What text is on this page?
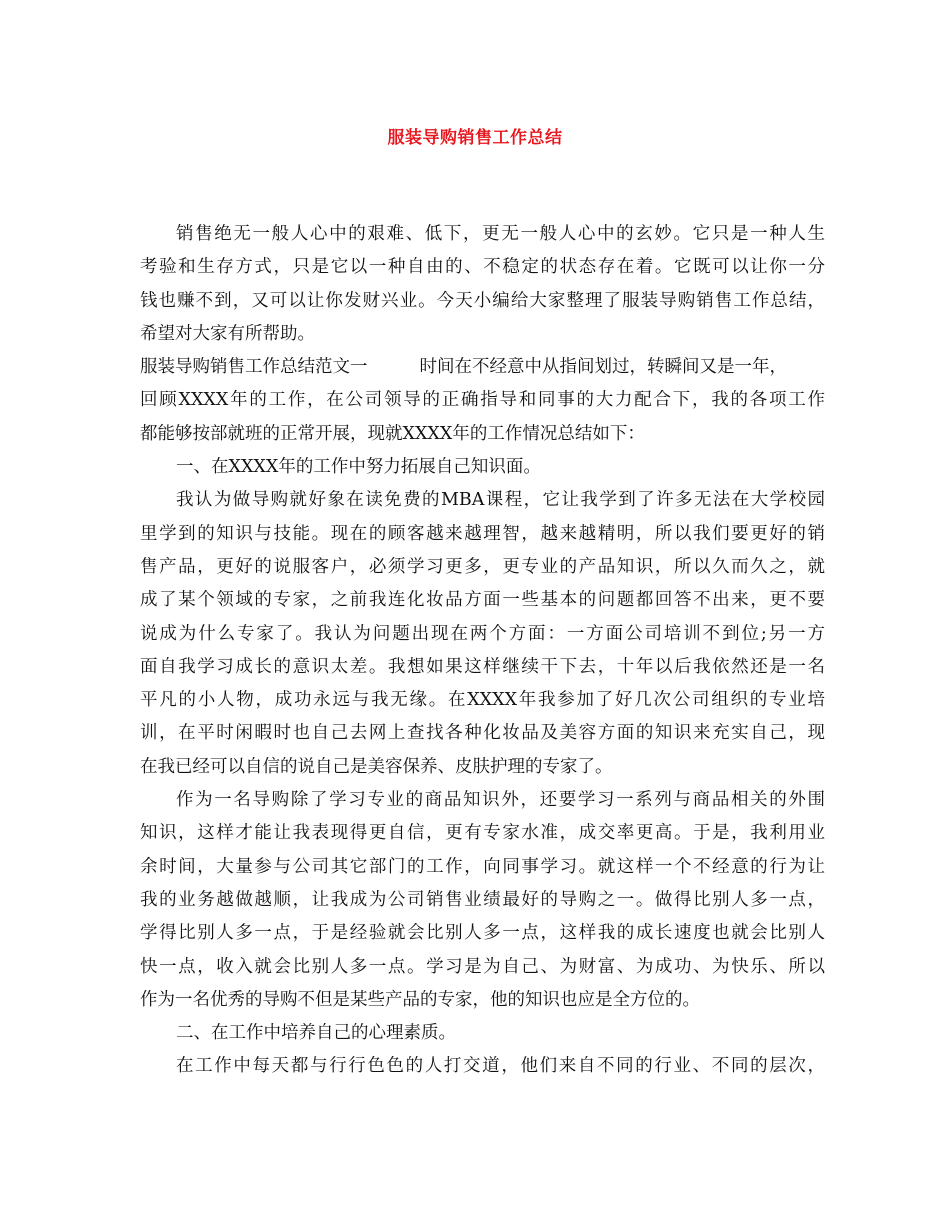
服装导购销售工作总结
销售绝无一般人心中的艰难、低下，更无一般人心中的玄妙。它只是一种人生
考验和生存方式，只是它以一种自由的、不稳定的状态存在着。它既可以让你一分
钱也赚不到，又可以让你发财兴业。今天小编给大家整理了服装导购销售工作总结，
希望对大家有所帮助。
服装导购销售工作总结范文一	时间在不经意中从指间划过，转瞬间又是一年，
回顾XXXX年的工作，在公司领导的正确指导和同事的大力配合下，我的各项工作
都能够按部就班的正常开展，现就XXXX年的工作情况总结如下：
一、在XXXX年的工作中努力拓展自己知识面。
我认为做导购就好象在读免费的MBA课程，它让我学到了许多无法在大学校园
里学到的知识与技能。现在的顾客越来越理智，越来越精明，所以我们要更好的销
售产品，更好的说服客户，必须学习更多，更专业的产品知识，所以久而久之，就
成了某个领域的专家，之前我连化妆品方面一些基本的问题都回答不出来，更不要
说成为什么专家了。我认为问题出现在两个方面：一方面公司培训不到位;另一方
面自我学习成长的意识太差。我想如果这样继续干下去，十年以后我依然还是一名
平凡的小人物，成功永远与我无缘。在XXXX年我参加了好几次公司组织的专业培
训，在平时闲暇时也自己去网上查找各种化妆品及美容方面的知识来充实自己，现
在我已经可以自信的说自己是美容保养、皮肤护理的专家了。
作为一名导购除了学习专业的商品知识外，还要学习一系列与商品相关的外围
知识，这样才能让我表现得更自信，更有专家水准，成交率更高。于是，我利用业
余时间，大量参与公司其它部门的工作，向同事学习。就这样一个不经意的行为让
我的业务越做越顺，让我成为公司销售业绩最好的导购之一。做得比别人多一点，
学得比别人多一点，于是经验就会比别人多一点，这样我的成长速度也就会比别人
快一点，收入就会比别人多一点。学习是为自己、为财富、为成功、为快乐、所以
作为一名优秀的导购不但是某些产品的专家，他的知识也应是全方位的。
二、在工作中培养自己的心理素质。
在工作中每天都与行行色色的人打交道，他们来自不同的行业、不同的层次，
